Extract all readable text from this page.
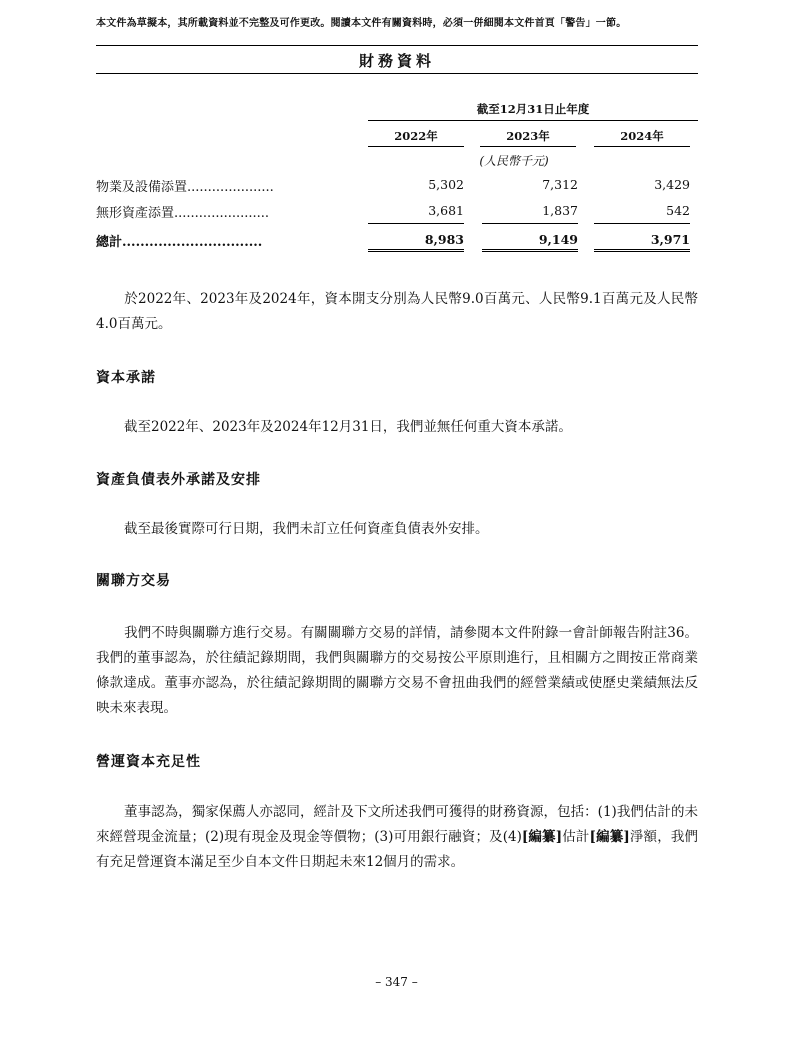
本文件為草擬本，其所載資料並不完整及可作更改。閱讀本文件有關資料時，必須一併細閱本文件首頁「警告」一節。
財務資料
截至12月31日止年度
2022年	2023年	2024年
(人民幣千元)
物業及設備添置.....................	5,302	7,312	3,429
無形資產添置.......................	3,681	1,837	542
總計...............................	8,983	9,149	3,971
於2022年、2023年及2024年，資本開支分別為人民幣9.0百萬元、人民幣9.1百萬元及人民幣4.0百萬元。
資本承諾
截至2022年、2023年及2024年12月31日，我們並無任何重大資本承諾。
資產負債表外承諾及安排
截至最後實際可行日期，我們未訂立任何資產負債表外安排。
關聯方交易
我們不時與關聯方進行交易。有關關聯方交易的詳情，請參閱本文件附錄一會計師報告附註36。我們的董事認為，於往績記錄期間，我們與關聯方的交易按公平原則進行，且相關方之間按正常商業條款達成。董事亦認為，於往績記錄期間的關聯方交易不會扭曲我們的經營業績或使歷史業績無法反映未來表現。
營運資本充足性
董事認為，獨家保薦人亦認同，經計及下文所述我們可獲得的財務資源，包括：(1)我們估計的未來經營現金流量；(2)現有現金及現金等價物；(3)可用銀行融資；及(4)[編纂]估計[編纂]淨額，我們有充足營運資本滿足至少自本文件日期起未來12個月的需求。
– 347 –
